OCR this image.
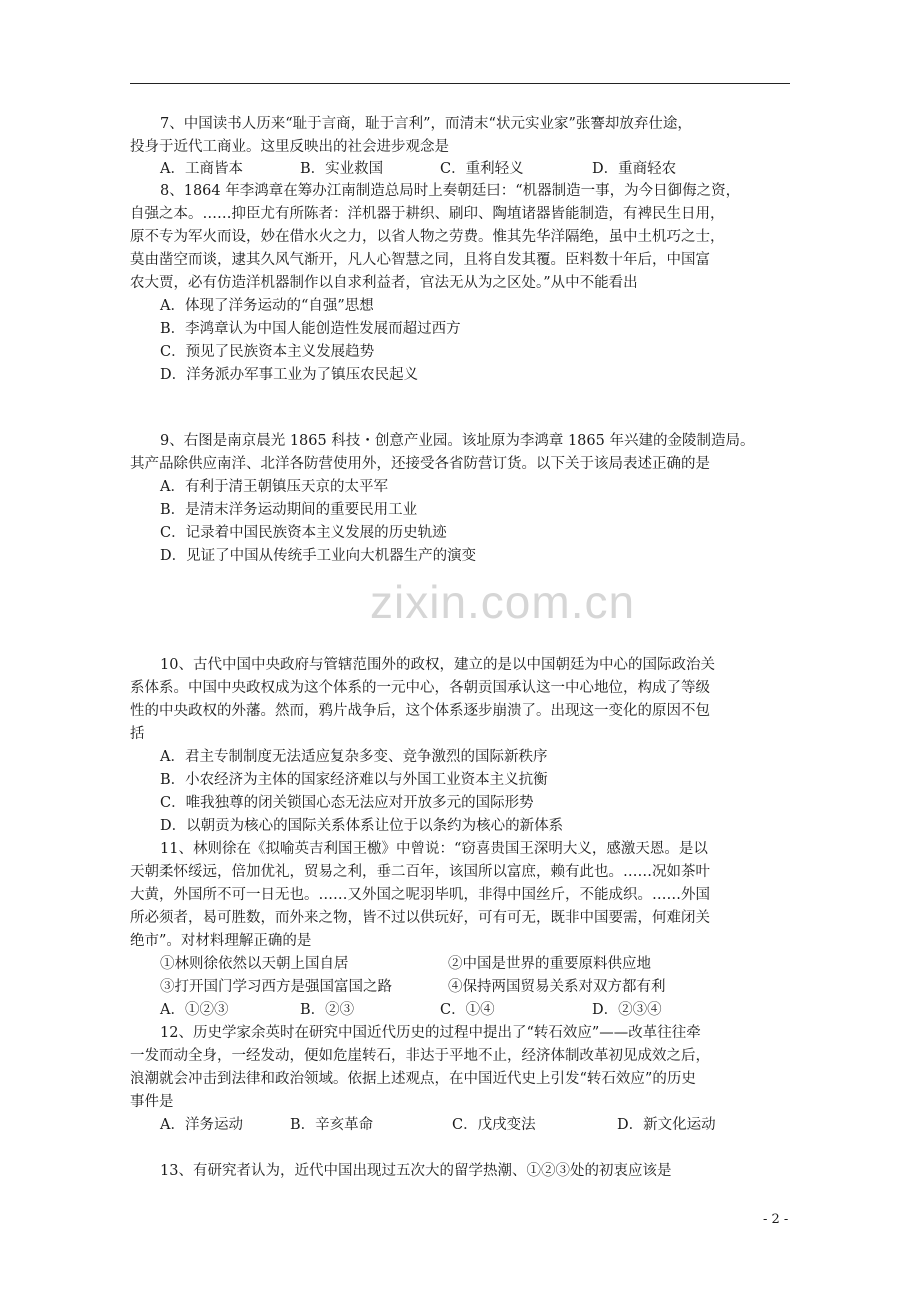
zixin.com.cn
7、中国读书人历来“耻于言商，耻于言利”，而清末“状元实业家”张謇却放弃仕途，
投身于近代工商业。这里反映出的社会进步观念是
A．工商皆本	B．实业救国	C．重利轻义	D．重商轻农
8、1864 年李鸿章在筹办江南制造总局时上奏朝廷曰：“机器制造一事，为今日御侮之资，
自强之本。……抑臣尤有所陈者：洋机器于耕织、刷印、陶埴诸器皆能制造，有裨民生日用，
原不专为军火而设，妙在借水火之力，以省人物之劳费。惟其先华洋隔绝，虽中土机巧之士，
莫由凿空而谈，逮其久风气渐开，凡人心智慧之同，且将自发其覆。臣料数十年后，中国富
农大贾，必有仿造洋机器制作以自求利益者，官法无从为之区处。”从中不能看出
A．体现了洋务运动的“自强”思想
B．李鸿章认为中国人能创造性发展而超过西方
C．预见了民族资本主义发展趋势
D．洋务派办军事工业为了镇压农民起义
9、右图是南京晨光 1865 科技・创意产业园。该址原为李鸿章 1865 年兴建的金陵制造局。
其产品除供应南洋、北洋各防营使用外，还接受各省防营订货。以下关于该局表述正确的是
A．有利于清王朝镇压天京的太平军
B．是清末洋务运动期间的重要民用工业
C．记录着中国民族资本主义发展的历史轨迹
D．见证了中国从传统手工业向大机器生产的演变
10、古代中国中央政府与管辖范围外的政权，建立的是以中国朝廷为中心的国际政治关
系体系。中国中央政权成为这个体系的一元中心，各朝贡国承认这一中心地位，构成了等级
性的中央政权的外藩。然而，鸦片战争后，这个体系逐步崩溃了。出现这一变化的原因不包
括
A．君主专制制度无法适应复杂多变、竞争激烈的国际新秩序
B．小农经济为主体的国家经济难以与外国工业资本主义抗衡
C．唯我独尊的闭关锁国心态无法应对开放多元的国际形势
D．以朝贡为核心的国际关系体系让位于以条约为核心的新体系
11、林则徐在《拟喻英吉利国王檄》中曾说：“窃喜贵国王深明大义，感激天恩。是以
天朝柔怀绥远，倍加优礼，贸易之利，垂二百年，该国所以富庶，赖有此也。……况如茶叶
大黄，外国所不可一日无也。……又外国之呢羽毕叽，非得中国丝斤，不能成织。……外国
所必须者，曷可胜数，而外来之物，皆不过以供玩好，可有可无，既非中国要需，何难闭关
绝市”。对材料理解正确的是
①林则徐依然以天朝上国自居	②中国是世界的重要原料供应地
③打开国门学习西方是强国富国之路	④保持两国贸易关系对双方都有利
A．①②③	B．②③	C．①④	D．②③④
12、历史学家余英时在研究中国近代历史的过程中提出了“转石效应”——改革往往牵
一发而动全身，一经发动，便如危崖转石，非达于平地不止，经济体制改革初见成效之后，
浪潮就会冲击到法律和政治领域。依据上述观点，在中国近代史上引发“转石效应”的历史
事件是
A．洋务运动	B．辛亥革命	C．戊戌变法	D．新文化运动
13、有研究者认为，近代中国出现过五次大的留学热潮、①②③处的初衷应该是
- 2 -
